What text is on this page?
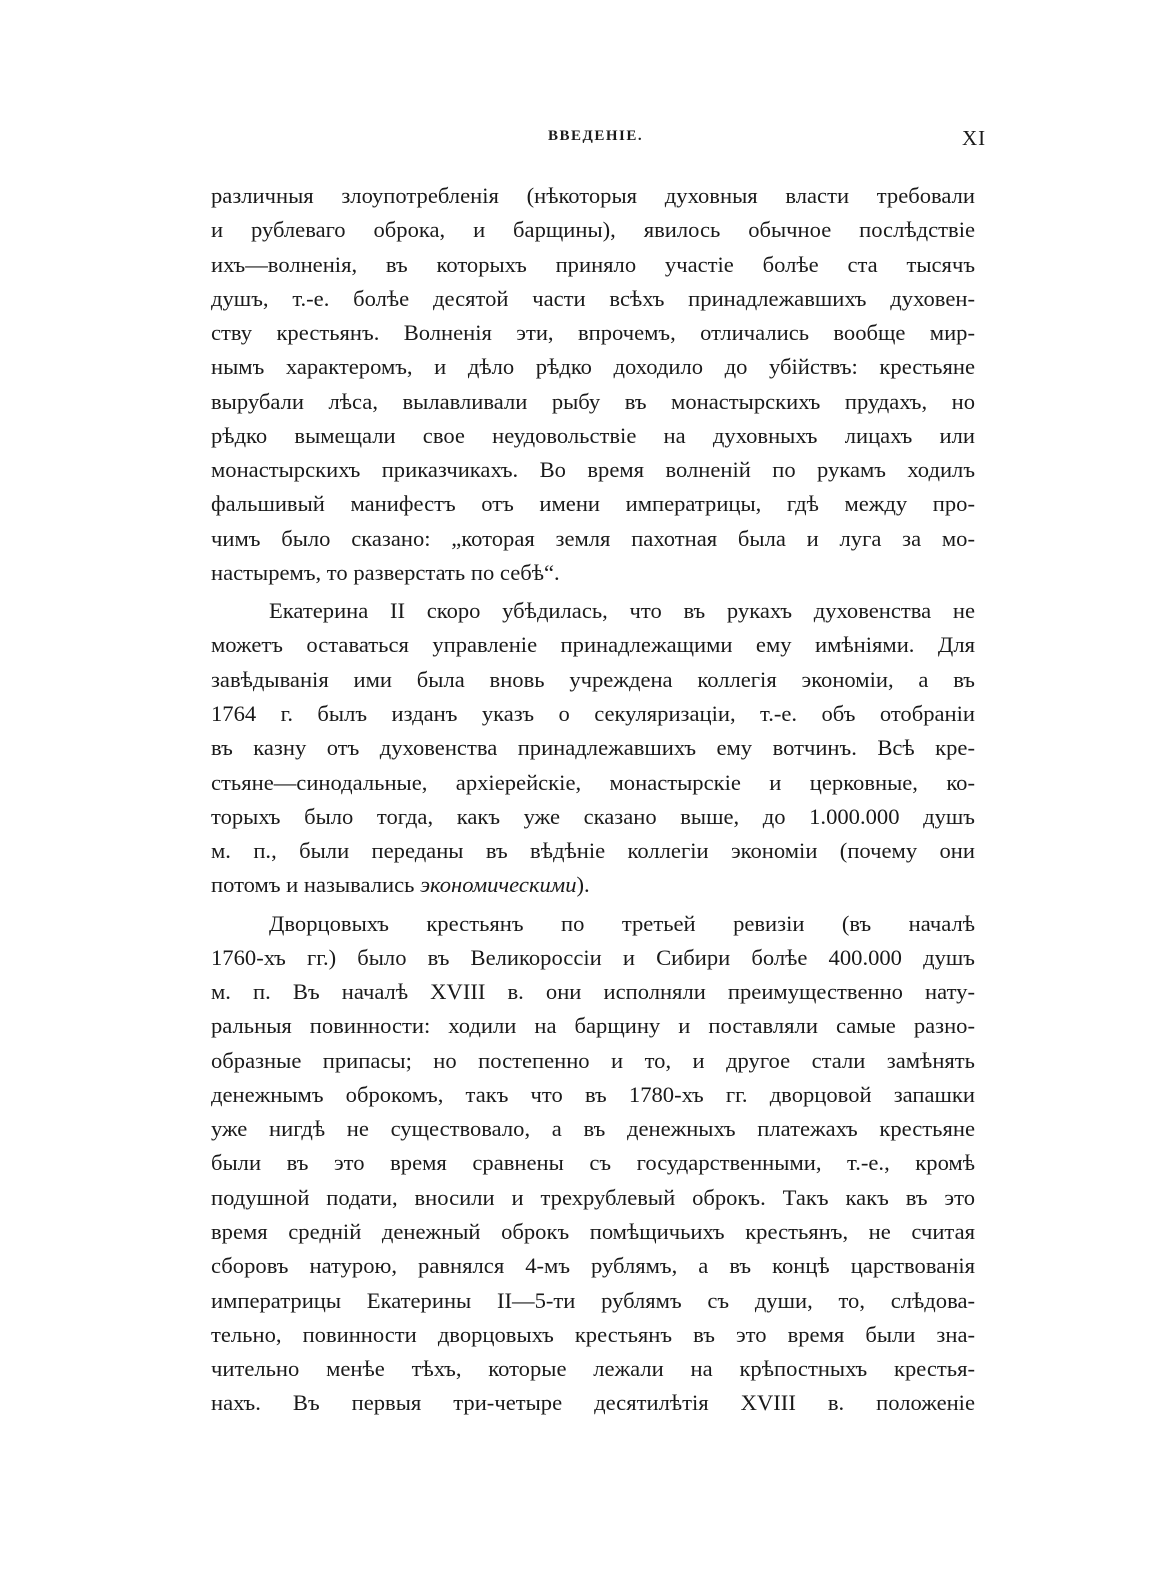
ВВЕДЕНIЕ.	XI
различныя злоупотребленія (нѣкоторыя духовныя власти требовали
и рублеваго оброка, и барщины), явилось обычное послѣдствіе
ихъ—волненія, въ которыхъ приняло участіе болѣе ста тысячъ
душъ, т.-е. болѣе десятой части всѣхъ принадлежавшихъ духовен-
ству крестьянъ. Волненія эти, впрочемъ, отличались вообще мир-
нымъ характеромъ, и дѣло рѣдко доходило до убійствъ: крестьяне
вырубали лѣса, вылавливали рыбу въ монастырскихъ прудахъ, но
рѣдко вымещали свое неудовольствіе на духовныхъ лицахъ или
монастырскихъ приказчикахъ. Во время волненій по рукамъ ходилъ
фальшивый манифестъ отъ имени императрицы, гдѣ между про-
чимъ было сказано: „которая земля пахотная была и луга за мо-
настыремъ, то разверстать по себѣ“.
Екатерина II скоро убѣдилась, что въ рукахъ духовенства не
можетъ оставаться управленіе принадлежащими ему имѣніями. Для
завѣдыванія ими была вновь учреждена коллегія экономіи, а въ
1764 г. былъ изданъ указъ о секуляризаціи, т.-е. объ отобраніи
въ казну отъ духовенства принадлежавшихъ ему вотчинъ. Всѣ кре-
стьяне—синодальные, архіерейскіе, монастырскіе и церковные, ко-
торыхъ было тогда, какъ уже сказано выше, до 1.000.000 душъ
м. п., были переданы въ вѣдѣніе коллегіи экономіи (почему они
потомъ и назывались экономическими).
Дворцовыхъ крестьянъ по третьей ревизіи (въ началѣ
1760-хъ гг.) было въ Великороссіи и Сибири болѣе 400.000 душъ
м. п. Въ началѣ XVIII в. они исполняли преимущественно нату-
ральныя повинности: ходили на барщину и поставляли самые разно-
образные припасы; но постепенно и то, и другое стали замѣнять
денежнымъ оброкомъ, такъ что въ 1780-хъ гг. дворцовой запашки
уже нигдѣ не существовало, а въ денежныхъ платежахъ крестьяне
были въ это время сравнены съ государственными, т.-е., кромѣ
подушной подати, вносили и трехрублевый оброкъ. Такъ какъ въ это
время средній денежный оброкъ помѣщичьихъ крестьянъ, не считая
сборовъ натурою, равнялся 4-мъ рублямъ, а въ концѣ царствованія
императрицы Екатерины II—5-ти рублямъ съ души, то, слѣдова-
тельно, повинности дворцовыхъ крестьянъ въ это время были зна-
чительно менѣе тѣхъ, которые лежали на крѣпостныхъ крестья-
нахъ. Въ первыя три-четыре десятилѣтія XVIII в. положеніе
